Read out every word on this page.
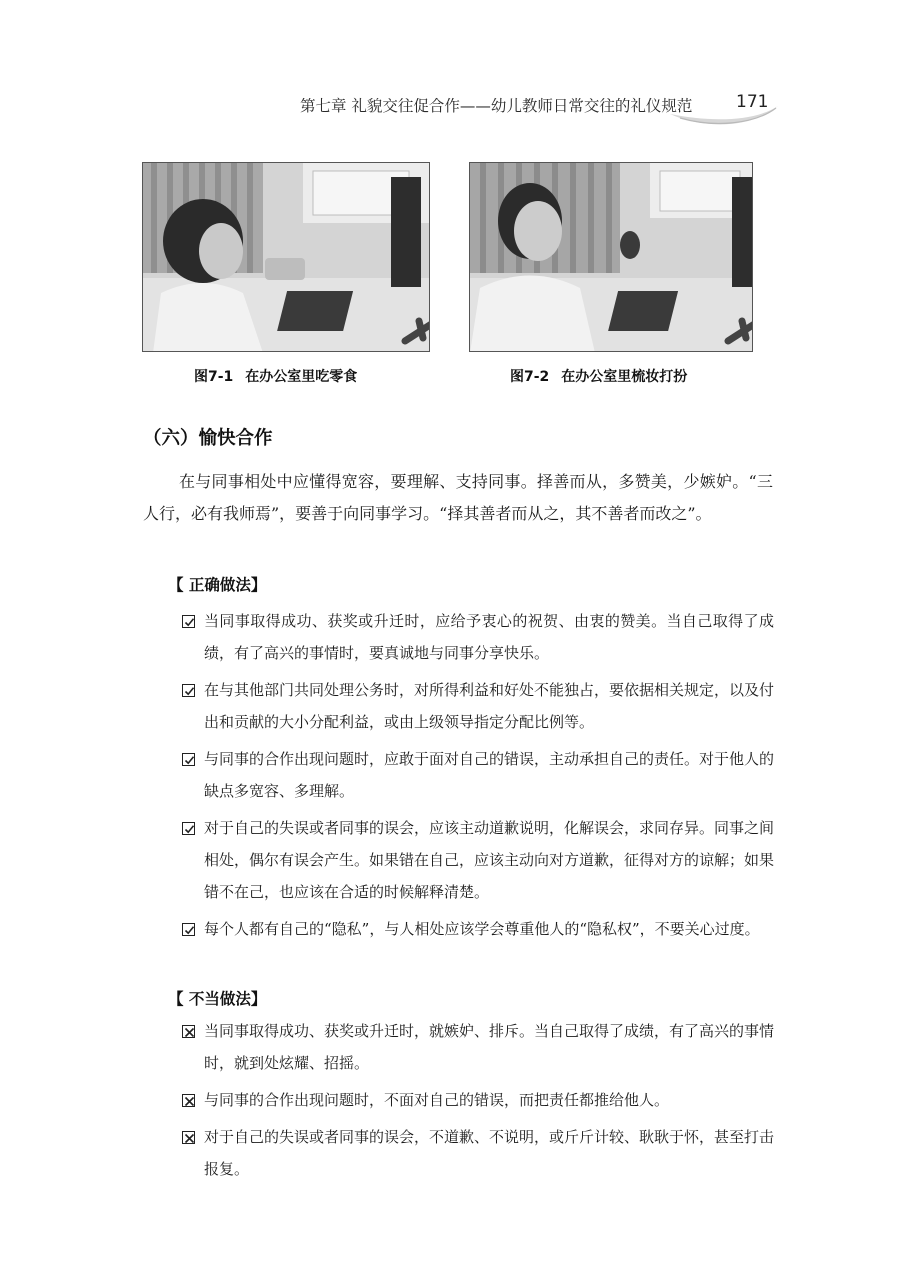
第七章 礼貌交往促合作——幼儿教师日常交往的礼仪规范	171
图7-1 在办公室里吃零食	图7-2 在办公室里梳妆打扮
（六）愉快合作

在与同事相处中应懂得宽容，要理解、支持同事。择善而从，多赞美，少嫉妒。“三人行，必有我师焉”，要善于向同事学习。“择其善者而从之，其不善者而改之”。

【 正确做法】
当同事取得成功、获奖或升迁时，应给予衷心的祝贺、由衷的赞美。当自己取得了成绩，有了高兴的事情时，要真诚地与同事分享快乐。
在与其他部门共同处理公务时，对所得利益和好处不能独占，要依据相关规定，以及付出和贡献的大小分配利益，或由上级领导指定分配比例等。
与同事的合作出现问题时，应敢于面对自己的错误，主动承担自己的责任。对于他人的缺点多宽容、多理解。
对于自己的失误或者同事的误会，应该主动道歉说明，化解误会，求同存异。同事之间相处，偶尔有误会产生。如果错在自己，应该主动向对方道歉，征得对方的谅解；如果错不在己，也应该在合适的时候解释清楚。
每个人都有自己的“隐私”，与人相处应该学会尊重他人的“隐私权”，不要关心过度。
【 不当做法】
当同事取得成功、获奖或升迁时，就嫉妒、排斥。当自己取得了成绩，有了高兴的事情时，就到处炫耀、招摇。
与同事的合作出现问题时，不面对自己的错误，而把责任都推给他人。
对于自己的失误或者同事的误会，不道歉、不说明，或斤斤计较、耿耿于怀，甚至打击报复。
